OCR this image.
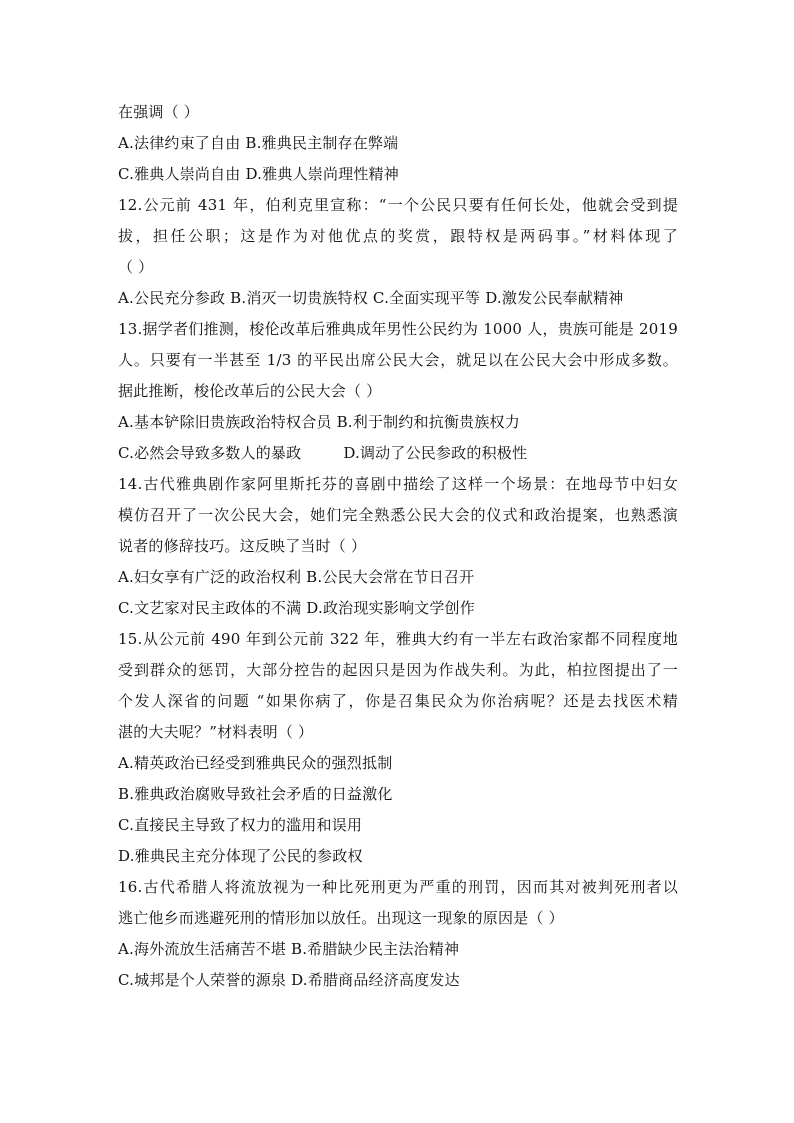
在强调（ ）
A.法律约束了自由 B.雅典民主制存在弊端
C.雅典人崇尚自由 D.雅典人崇尚理性精神
12.公元前 431 年，伯利克里宣称：“一个公民只要有任何长处，他就会受到提
拔，担任公职；这是作为对他优点的奖赏，跟特权是两码事。”材料体现了
（ ）
A.公民充分参政 B.消灭一切贵族特权 C.全面实现平等 D.激发公民奉献精神
13.据学者们推测，梭伦改革后雅典成年男性公民约为 1000 人，贵族可能是 2019
人。只要有一半甚至 1/3 的平民出席公民大会，就足以在公民大会中形成多数。
据此推断，梭伦改革后的公民大会（ ）
A.基本铲除旧贵族政治特权合员 B.利于制约和抗衡贵族权力
C.必然会导致多数人的暴政	D.调动了公民参政的积极性
14.古代雅典剧作家阿里斯托芬的喜剧中描绘了这样一个场景：在地母节中妇女
模仿召开了一次公民大会，她们完全熟悉公民大会的仪式和政治提案，也熟悉演
说者的修辞技巧。这反映了当时（ ）
A.妇女享有广泛的政治权利 B.公民大会常在节日召开
C.文艺家对民主政体的不满 D.政治现实影响文学创作
15.从公元前 490 年到公元前 322 年，雅典大约有一半左右政治家都不同程度地
受到群众的惩罚，大部分控告的起因只是因为作战失利。为此，柏拉图提出了一
个发人深省的问题 “如果你病了，你是召集民众为你治病呢？还是去找医术精
湛的大夫呢？”材料表明（ ）
A.精英政治已经受到雅典民众的强烈抵制
B.雅典政治腐败导致社会矛盾的日益激化
C.直接民主导致了权力的滥用和误用
D.雅典民主充分体现了公民的参政权
16.古代希腊人将流放视为一种比死刑更为严重的刑罚，因而其对被判死刑者以
逃亡他乡而逃避死刑的情形加以放任。出现这一现象的原因是（ ）
A.海外流放生活痛苦不堪 B.希腊缺少民主法治精神
C.城邦是个人荣誉的源泉 D.希腊商品经济高度发达
